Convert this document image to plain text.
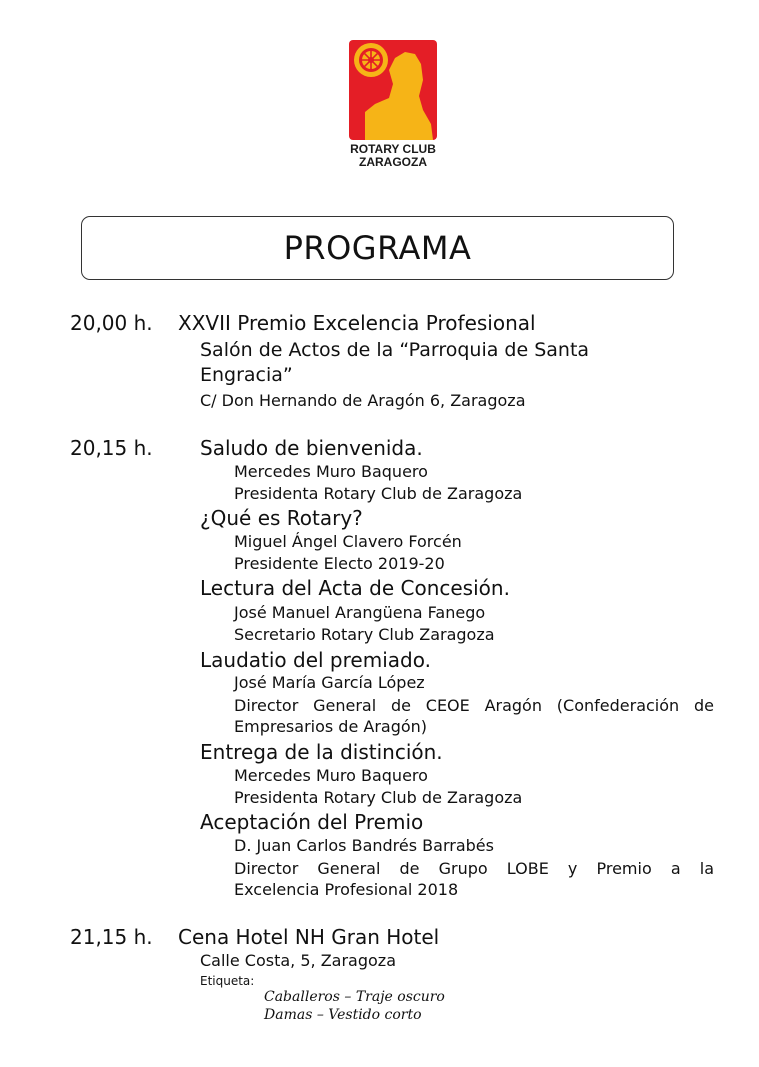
ROTARY CLUB
ZARAGOZA
PROGRAMA
20,00 h. XXVII Premio Excelencia Profesional
Salón de Actos de la “Parroquia de Santa
Engracia”
C/ Don Hernando de Aragón 6, Zaragoza
20,15 h. Saludo de bienvenida.
Mercedes Muro Baquero
Presidenta Rotary Club de Zaragoza
¿Qué es Rotary?
Miguel Ángel Clavero Forcén
Presidente Electo 2019-20
Lectura del Acta de Concesión.
José Manuel Arangüena Fanego
Secretario Rotary Club Zaragoza
Laudatio del premiado.
José María García López
Director General de CEOE Aragón (Confederación de
Empresarios de Aragón)
Entrega de la distinción.
Mercedes Muro Baquero
Presidenta Rotary Club de Zaragoza
Aceptación del Premio
D. Juan Carlos Bandrés Barrabés
Director General de Grupo LOBE y Premio a la
Excelencia Profesional 2018
21,15 h. Cena Hotel NH Gran Hotel
Calle Costa, 5, Zaragoza
Etiqueta:
Caballeros – Traje oscuro
Damas – Vestido corto
